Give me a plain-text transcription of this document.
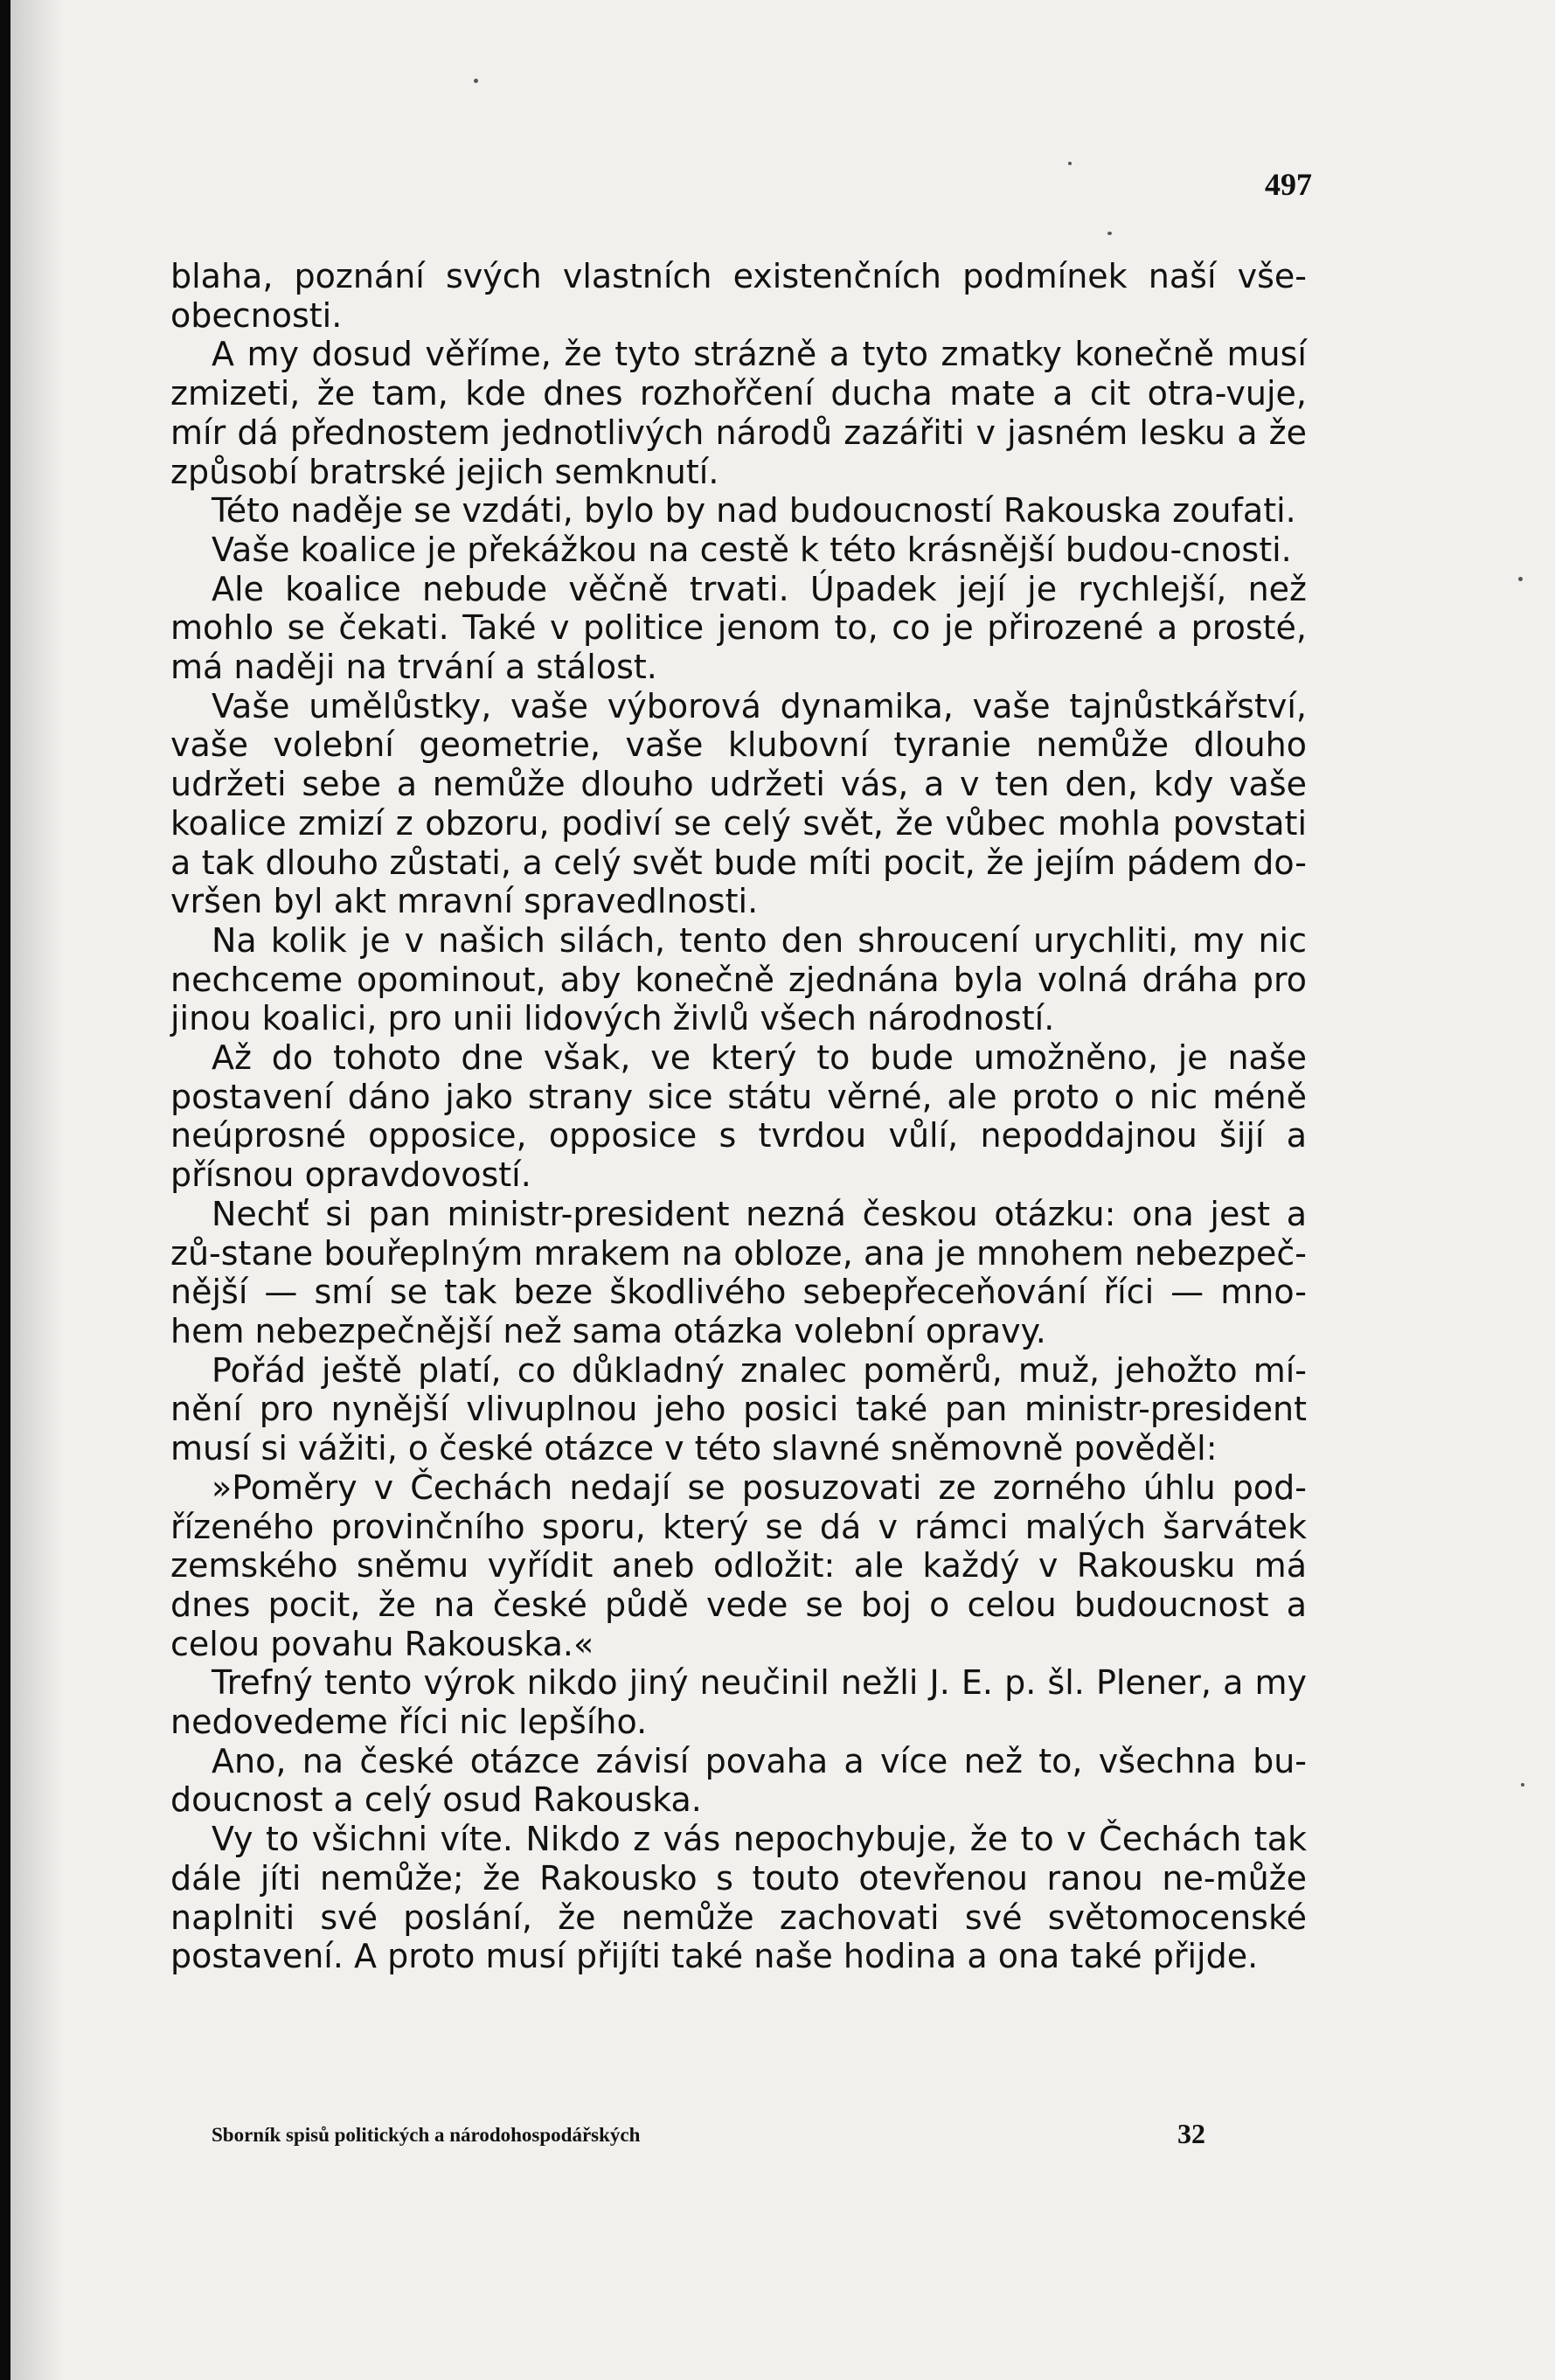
497

blaha, poznání svých vlastních existenčních podmínek naší vše-obecnosti.

A my dosud věříme, že tyto strázně a tyto zmatky konečně musí zmizeti, že tam, kde dnes rozhořčení ducha mate a cit otra-vuje, mír dá přednostem jednotlivých národů zazářiti v jasném lesku a že způsobí bratrské jejich semknutí.

Této naděje se vzdáti, bylo by nad budoucností Rakouska zoufati.

Vaše koalice je překážkou na cestě k této krásnější budou-cnosti.

Ale koalice nebude věčně trvati. Úpadek její je rychlejší, než mohlo se čekati. Také v politice jenom to, co je přirozené a prosté, má naději na trvání a stálost.

Vaše umělůstky, vaše výborová dynamika, vaše tajnůstkářství, vaše volební geometrie, vaše klubovní tyranie nemůže dlouho udržeti sebe a nemůže dlouho udržeti vás, a v ten den, kdy vaše koalice zmizí z obzoru, podiví se celý svět, že vůbec mohla povstati a tak dlouho zůstati, a celý svět bude míti pocit, že jejím pádem do-vršen byl akt mravní spravedlnosti.

Na kolik je v našich silách, tento den shroucení urychliti, my nic nechceme opominout, aby konečně zjednána byla volná dráha pro jinou koalici, pro unii lidových živlů všech národností.

Až do tohoto dne však, ve který to bude umožněno, je naše postavení dáno jako strany sice státu věrné, ale proto o nic méně neúprosné opposice, opposice s tvrdou vůlí, nepoddajnou šijí a přísnou opravdovostí.

Nechť si pan ministr-president nezná českou otázku: ona jest a zů-stane bouřeplným mrakem na obloze, ana je mnohem nebezpeč-nější — smí se tak beze škodlivého sebepřeceňování říci — mno-hem nebezpečnější než sama otázka volební opravy.

Pořád ještě platí, co důkladný znalec poměrů, muž, jehožto mí-nění pro nynější vlivuplnou jeho posici také pan ministr-president musí si vážiti, o české otázce v této slavné sněmovně pověděl:

»Poměry v Čechách nedají se posuzovati ze zorného úhlu pod-řízeného provinčního sporu, který se dá v rámci malých šarvátek zemského sněmu vyřídit aneb odložit: ale každý v Rakousku má dnes pocit, že na české půdě vede se boj o celou budoucnost a celou povahu Rakouska.«

Trefný tento výrok nikdo jiný neučinil nežli J. E. p. šl. Plener, a my nedovedeme říci nic lepšího.

Ano, na české otázce závisí povaha a více než to, všechna bu-doucnost a celý osud Rakouska.

Vy to všichni víte. Nikdo z vás nepochybuje, že to v Čechách tak dále jíti nemůže; že Rakousko s touto otevřenou ranou ne-může naplniti své poslání, že nemůže zachovati své světomocenské postavení. A proto musí přijíti také naše hodina a ona také přijde.

Sborník spisů politických a národohospodářských	32
